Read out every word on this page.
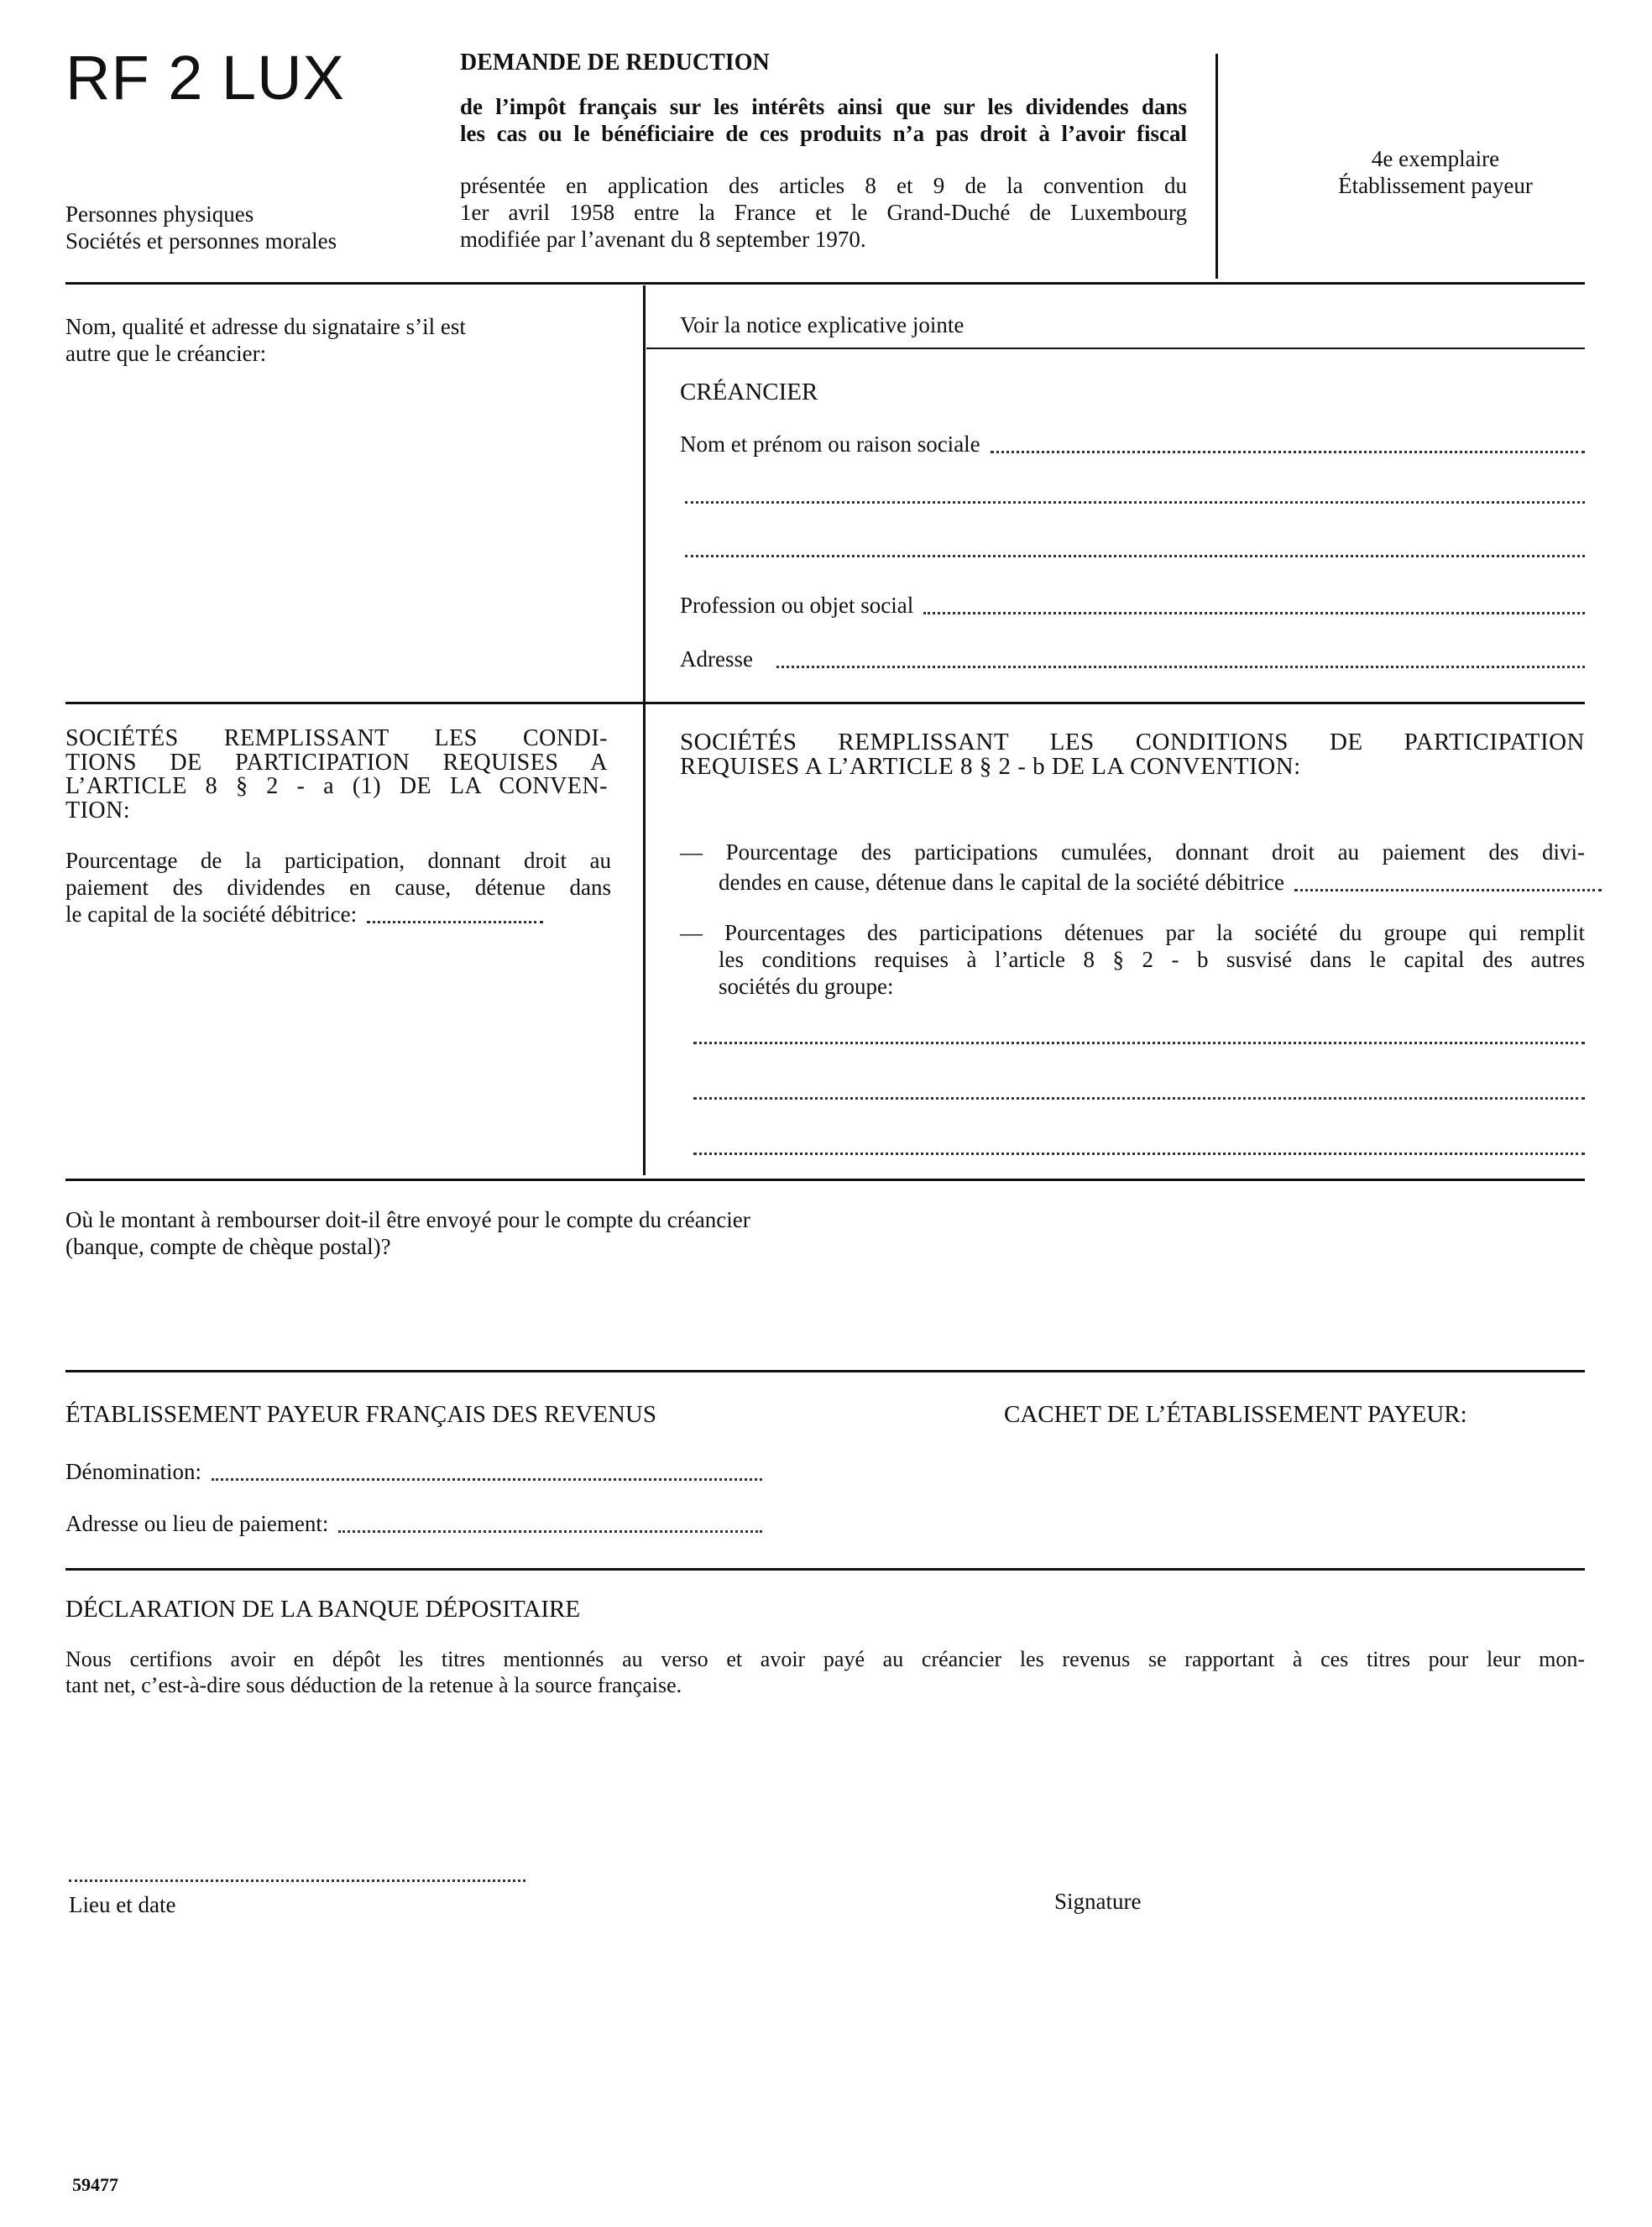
RF 2 LUX	DEMANDE DE REDUCTION
de l’impôt français sur les intérêts ainsi que sur les dividendes dans
les cas ou le bénéficiaire de ces produits n’a pas droit à l’avoir fiscal
présentée en application des articles 8 et 9 de la convention du
1er avril 1958 entre la France et le Grand-Duché de Luxembourg
modifiée par l’avenant du 8 september 1970.
Personnes physiques
Sociétés et personnes morales
4e exemplaire
Établissement payeur
Nom, qualité et adresse du signataire s’il est
autre que le créancier:
Voir la notice explicative jointe
CRÉANCIER
Nom et prénom ou raison sociale
Profession ou objet social
Adresse
SOCIÉTÉS REMPLISSANT LES CONDI-
TIONS DE PARTICIPATION REQUISES A
L’ARTICLE 8 § 2 - a (1) DE LA CONVEN-
TION:
Pourcentage de la participation, donnant droit au
paiement des dividendes en cause, détenue dans
le capital de la société débitrice:
SOCIÉTÉS REMPLISSANT LES CONDITIONS DE PARTICIPATION
REQUISES A L’ARTICLE 8 § 2 - b DE LA CONVENTION:
— Pourcentage des participations cumulées, donnant droit au paiement des divi-
dendes en cause, détenue dans le capital de la société débitrice
— Pourcentages des participations détenues par la société du groupe qui remplit
les conditions requises à l’article 8 § 2 - b susvisé dans le capital des autres
sociétés du groupe:
Où le montant à rembourser doit-il être envoyé pour le compte du créancier
(banque, compte de chèque postal)?
ÉTABLISSEMENT PAYEUR FRANÇAIS DES REVENUS	CACHET DE L’ÉTABLISSEMENT PAYEUR:
Dénomination:
Adresse ou lieu de paiement:
DÉCLARATION DE LA BANQUE DÉPOSITAIRE
Nous certifions avoir en dépôt les titres mentionnés au verso et avoir payé au créancier les revenus se rapportant à ces titres pour leur mon-
tant net, c’est-à-dire sous déduction de la retenue à la source française.
Lieu et date	Signature
59477
